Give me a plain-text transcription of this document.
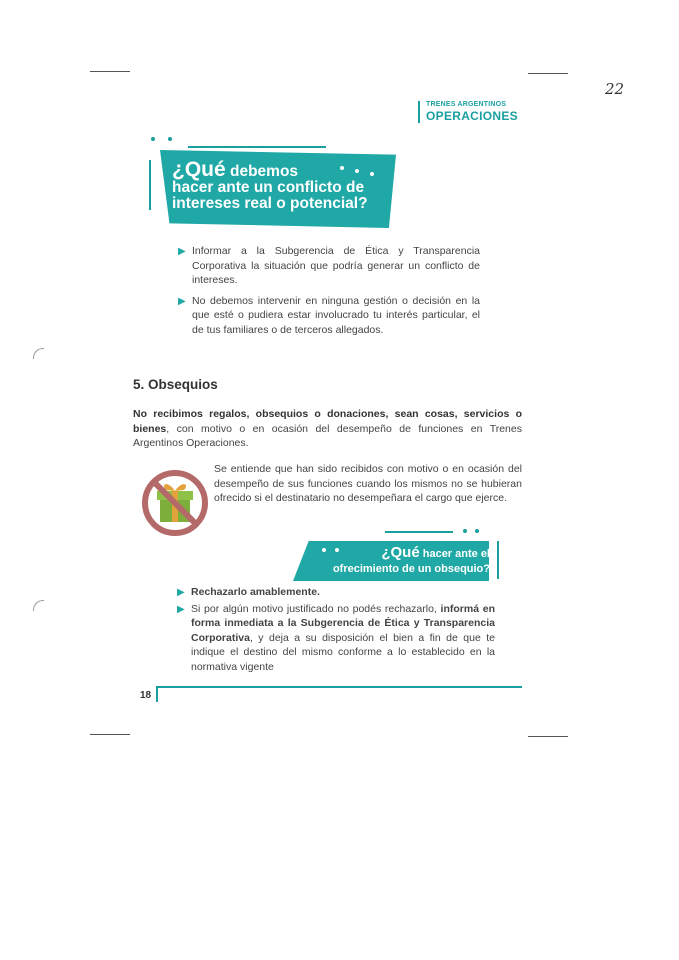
22
TRENES ARGENTINOS
OPERACIONES
¿Qué debemos
hacer ante un conflicto de
intereses real o potencial?
▶ Informar a la Subgerencia de Ética y Transparencia Corporativa la situación que podría generar un conflicto de intereses.
▶ No debemos intervenir en ninguna gestión o decisión en la que esté o pudiera estar involucrado tu interés particular, el de tus familiares o de terceros allegados.
5. Obsequios
No recibimos regalos, obsequios o donaciones, sean cosas, servicios o bienes, con motivo o en ocasión del desempeño de funciones en Trenes Argentinos Operaciones.
Se entiende que han sido recibidos con motivo o en ocasión del desempeño de sus funciones cuando los mismos no se hubieran ofrecido si el destinatario no desempeñara el cargo que ejerce.
¿Qué hacer ante el
ofrecimiento de un obsequio?
▶ Rechazarlo amablemente.
▶ Si por algún motivo justificado no podés rechazarlo, informá en forma inmediata a la Subgerencia de Ética y Transparencia Corporativa, y deja a su disposición el bien a fin de que te indique el destino del mismo conforme a lo establecido en la normativa vigente
18
